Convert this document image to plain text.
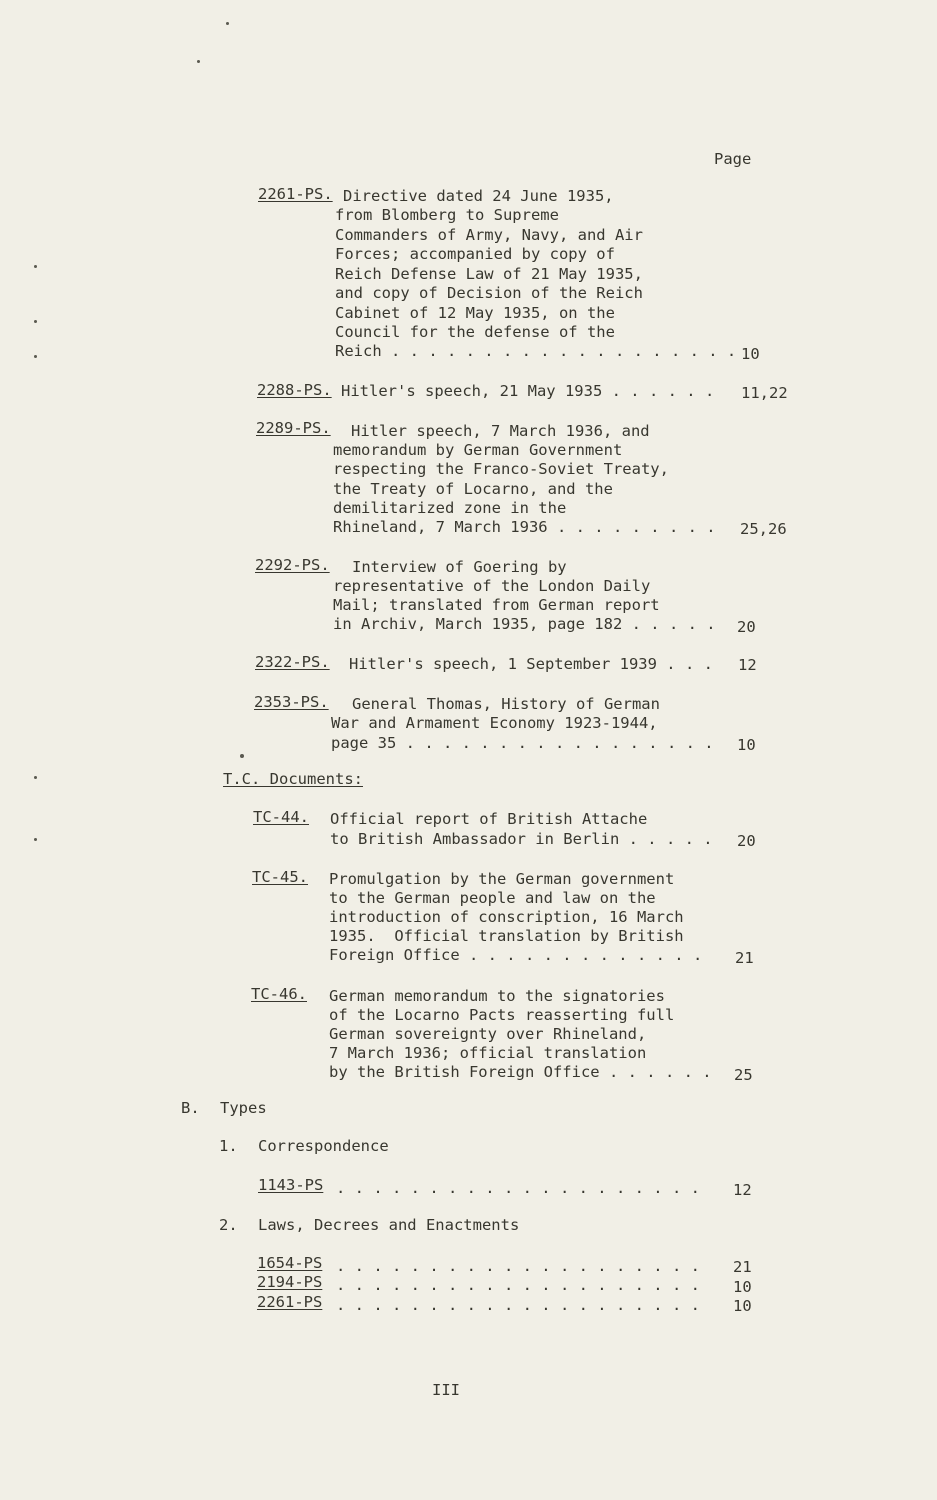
Page
2261-PS. Directive dated 24 June 1935,
from Blomberg to Supreme
Commanders of Army, Navy, and Air
Forces; accompanied by copy of
Reich Defense Law of 21 May 1935,
and copy of Decision of the Reich
Cabinet of 12 May 1935, on the
Council for the defense of the
Reich . . . . . . . . . . . . . . . . . . . 10
2288-PS. Hitler's speech, 21 May 1935 . . . . . . 11,22
2289-PS. Hitler speech, 7 March 1936, and
memorandum by German Government
respecting the Franco-Soviet Treaty,
the Treaty of Locarno, and the
demilitarized zone in the
Rhineland, 7 March 1936 . . . . . . . . . 25,26
2292-PS. Interview of Goering by
representative of the London Daily
Mail; translated from German report
in Archiv, March 1935, page 182 . . . . . 20
2322-PS. Hitler's speech, 1 September 1939 . . . 12
2353-PS. General Thomas, History of German
War and Armament Economy 1923-1944,
page 35 . . . . . . . . . . . . . . . . . 10
T.C. Documents:
TC-44. Official report of British Attache
to British Ambassador in Berlin . . . . . 20
TC-45. Promulgation by the German government
to the German people and law on the
introduction of conscription, 16 March
1935.  Official translation by British
Foreign Office . . . . . . . . . . . . . 21
TC-46. German memorandum to the signatories
of the Locarno Pacts reasserting full
German sovereignty over Rhineland,
7 March 1936; official translation
by the British Foreign Office . . . . . . 25
B. Types
1. Correspondence
1143-PS . . . . . . . . . . . . . . . . . . . . 12
2. Laws, Decrees and Enactments
1654-PS . . . . . . . . . . . . . . . . . . . . 21
2194-PS . . . . . . . . . . . . . . . . . . . . 10
2261-PS . . . . . . . . . . . . . . . . . . . . 10
III
